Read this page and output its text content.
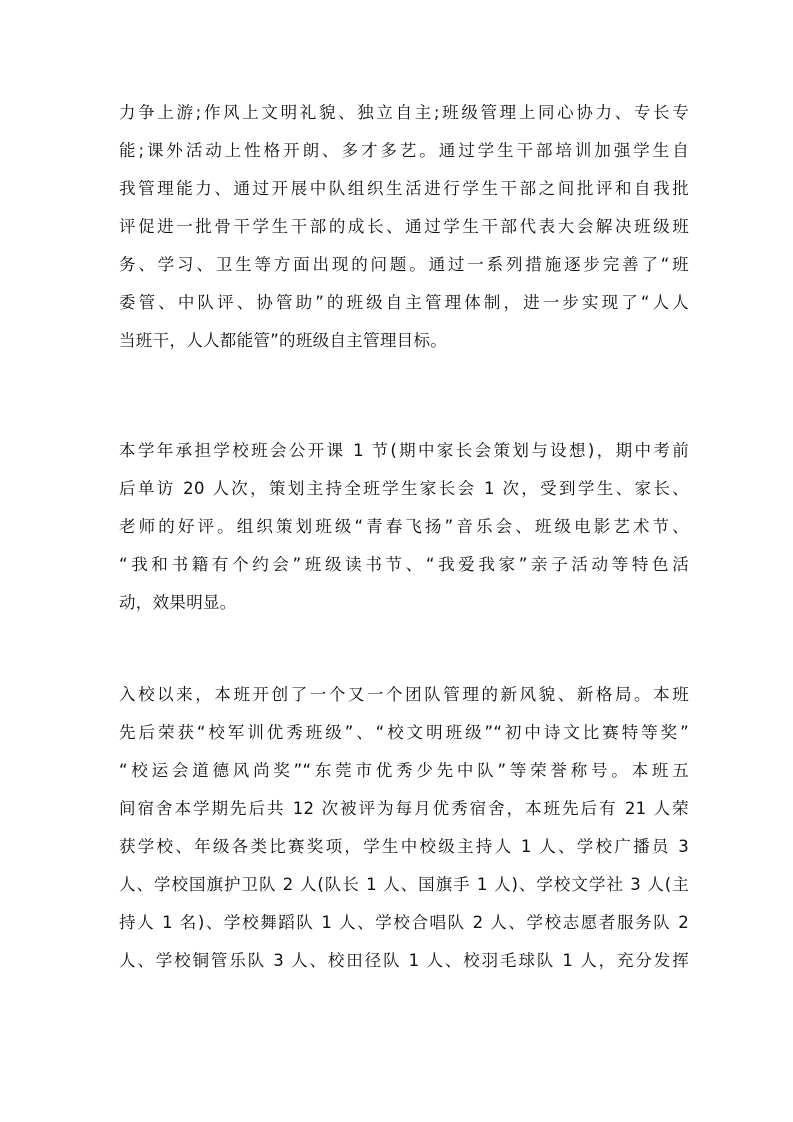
力争上游;作风上文明礼貌、独立自主;班级管理上同心协力、专长专
能;课外活动上性格开朗、多才多艺。通过学生干部培训加强学生自
我管理能力、通过开展中队组织生活进行学生干部之间批评和自我批
评促进一批骨干学生干部的成长、通过学生干部代表大会解决班级班
务、学习、卫生等方面出现的问题。通过一系列措施逐步完善了“班
委管、中队评、协管助”的班级自主管理体制，进一步实现了“人人
当班干，人人都能管”的班级自主管理目标。
本学年承担学校班会公开课 1 节(期中家长会策划与设想)，期中考前
后单访 20 人次，策划主持全班学生家长会 1 次，受到学生、家长、
老师的好评。组织策划班级“青春飞扬”音乐会、班级电影艺术节、
“我和书籍有个约会”班级读书节、“我爱我家”亲子活动等特色活
动，效果明显。
入校以来，本班开创了一个又一个团队管理的新风貌、新格局。本班
先后荣获“校军训优秀班级”、“校文明班级”“初中诗文比赛特等奖”
“校运会道德风尚奖”“东莞市优秀少先中队”等荣誉称号。本班五
间宿舍本学期先后共 12 次被评为每月优秀宿舍，本班先后有 21 人荣
获学校、年级各类比赛奖项，学生中校级主持人 1 人、学校广播员 3
人、学校国旗护卫队 2 人(队长 1 人、国旗手 1 人)、学校文学社 3 人(主
持人 1 名)、学校舞蹈队 1 人、学校合唱队 2 人、学校志愿者服务队 2
人、学校铜管乐队 3 人、校田径队 1 人、校羽毛球队 1 人，充分发挥
